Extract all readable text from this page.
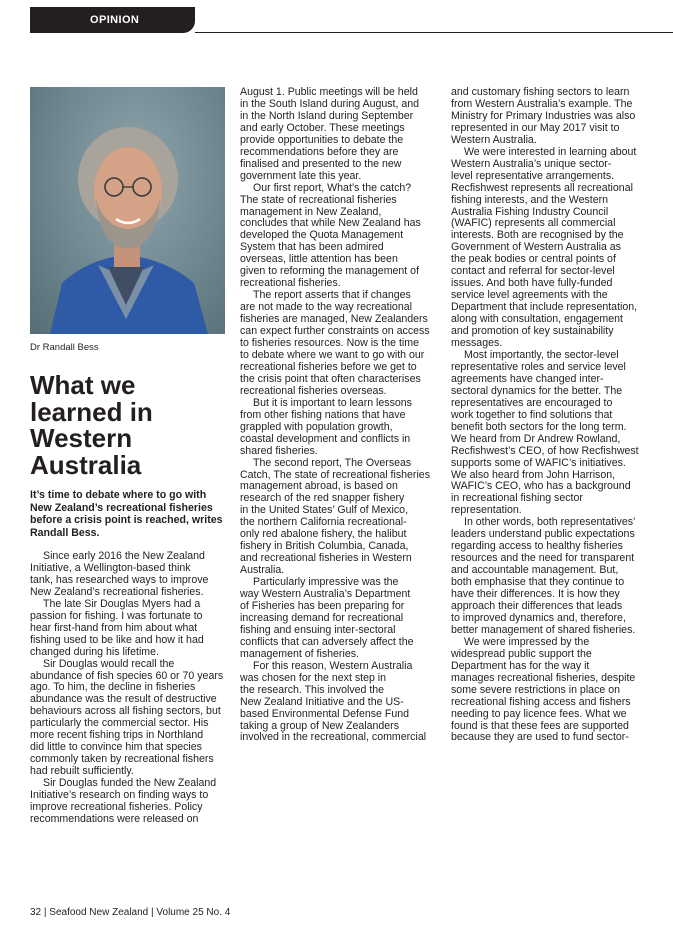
OPINION
Dr Randall Bess
What we
learned in
Western
Australia
It’s time to debate where to go with
New Zealand’s recreational fisheries
before a crisis point is reached, writes
Randall Bess.

Since early 2016 the New Zealand
Initiative, a Wellington-based think
tank, has researched ways to improve
New Zealand’s recreational fisheries.

The late Sir Douglas Myers had a
passion for fishing. I was fortunate to
hear first-hand from him about what
fishing used to be like and how it had
changed during his lifetime.

Sir Douglas would recall the
abundance of fish species 60 or 70 years
ago. To him, the decline in fisheries
abundance was the result of destructive
behaviours across all fishing sectors, but
particularly the commercial sector. His
more recent fishing trips in Northland
did little to convince him that species
commonly taken by recreational fishers
had rebuilt sufficiently.

Sir Douglas funded the New Zealand
Initiative’s research on finding ways to
improve recreational fisheries. Policy
recommendations were released on

August 1. Public meetings will be held
in the South Island during August, and
in the North Island during September
and early October. These meetings
provide opportunities to debate the
recommendations before they are
finalised and presented to the new
government late this year.

Our first report, What’s the catch?
The state of recreational fisheries
management in New Zealand,
concludes that while New Zealand has
developed the Quota Management
System that has been admired
overseas, little attention has been
given to reforming the management of
recreational fisheries.

The report asserts that if changes
are not made to the way recreational
fisheries are managed, New Zealanders
can expect further constraints on access
to fisheries resources. Now is the time
to debate where we want to go with our
recreational fisheries before we get to
the crisis point that often characterises
recreational fisheries overseas.

But it is important to learn lessons
from other fishing nations that have
grappled with population growth,
coastal development and conflicts in
shared fisheries.

The second report, The Overseas
Catch, The state of recreational fisheries
management abroad, is based on
research of the red snapper fishery
in the United States’ Gulf of Mexico,
the northern California recreational-
only red abalone fishery, the halibut
fishery in British Columbia, Canada,
and recreational fisheries in Western
Australia.

Particularly impressive was the
way Western Australia’s Department
of Fisheries has been preparing for
increasing demand for recreational
fishing and ensuing inter-sectoral
conflicts that can adversely affect the
management of fisheries.

For this reason, Western Australia
was chosen for the next step in
the research. This involved the
New Zealand Initiative and the US-
based Environmental Defense Fund
taking a group of New Zealanders
involved in the recreational, commercial

and customary fishing sectors to learn
from Western Australia’s example. The
Ministry for Primary Industries was also
represented in our May 2017 visit to
Western Australia.

We were interested in learning about
Western Australia’s unique sector-
level representative arrangements.
Recfishwest represents all recreational
fishing interests, and the Western
Australia Fishing Industry Council
(WAFIC) represents all commercial
interests. Both are recognised by the
Government of Western Australia as
the peak bodies or central points of
contact and referral for sector-level
issues. And both have fully-funded
service level agreements with the
Department that include representation,
along with consultation, engagement
and promotion of key sustainability
messages.

Most importantly, the sector-level
representative roles and service level
agreements have changed inter-
sectoral dynamics for the better. The
representatives are encouraged to
work together to find solutions that
benefit both sectors for the long term.
We heard from Dr Andrew Rowland,
Recfishwest’s CEO, of how Recfishwest
supports some of WAFIC’s initiatives.
We also heard from John Harrison,
WAFIC’s CEO, who has a background
in recreational fishing sector
representation.

In other words, both representatives’
leaders understand public expectations
regarding access to healthy fisheries
resources and the need for transparent
and accountable management. But,
both emphasise that they continue to
have their differences. It is how they
approach their differences that leads
to improved dynamics and, therefore,
better management of shared fisheries.

We were impressed by the
widespread public support the
Department has for the way it
manages recreational fisheries, despite
some severe restrictions in place on
recreational fishing access and fishers
needing to pay licence fees. What we
found is that these fees are supported
because they are used to fund sector-

32 | Seafood New Zealand | Volume 25 No. 4
